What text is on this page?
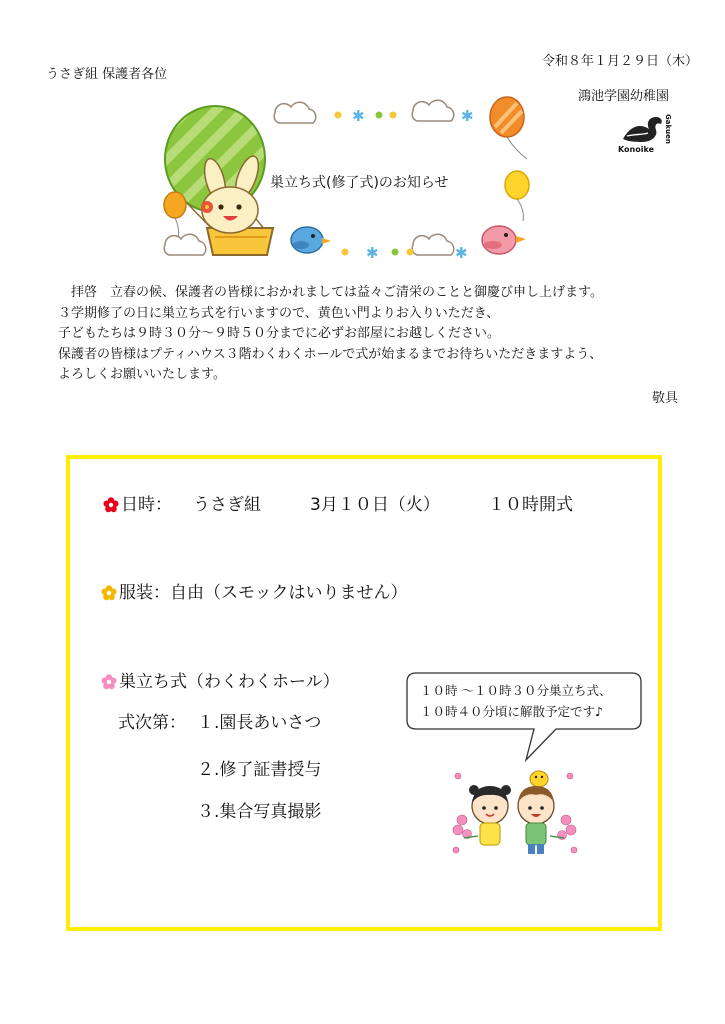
うさぎ組 保護者各位
令和８年１月２９日（木）
鴻池学園幼稚園
Konoike
Gakuen
✱	✱
✱	✱
巣立ち式(修了式)のお知らせ
　拝啓　立春の候、保護者の皆様におかれましては益々ご清栄のことと御慶び申し上げます。
３学期修了の日に巣立ち式を行いますので、黄色い門よりお入りいただき、
子どもたちは９時３０分～９時５０分までに必ずお部屋にお越しください。
保護者の皆様はプティハウス３階わくわくホールで式が始まるまでお待ちいただきますよう、
よろしくお願いいたします。
敬具
日時： うさぎ組	3月１０日（火）	１０時開式
服装：自由（スモックはいりません）
巣立ち式（わくわくホール）
式次第： １.園長あいさつ
２.修了証書授与
３.集合写真撮影
１０時 ～１０時３０分巣立ち式、
１０時４０分頃に解散予定です♪
